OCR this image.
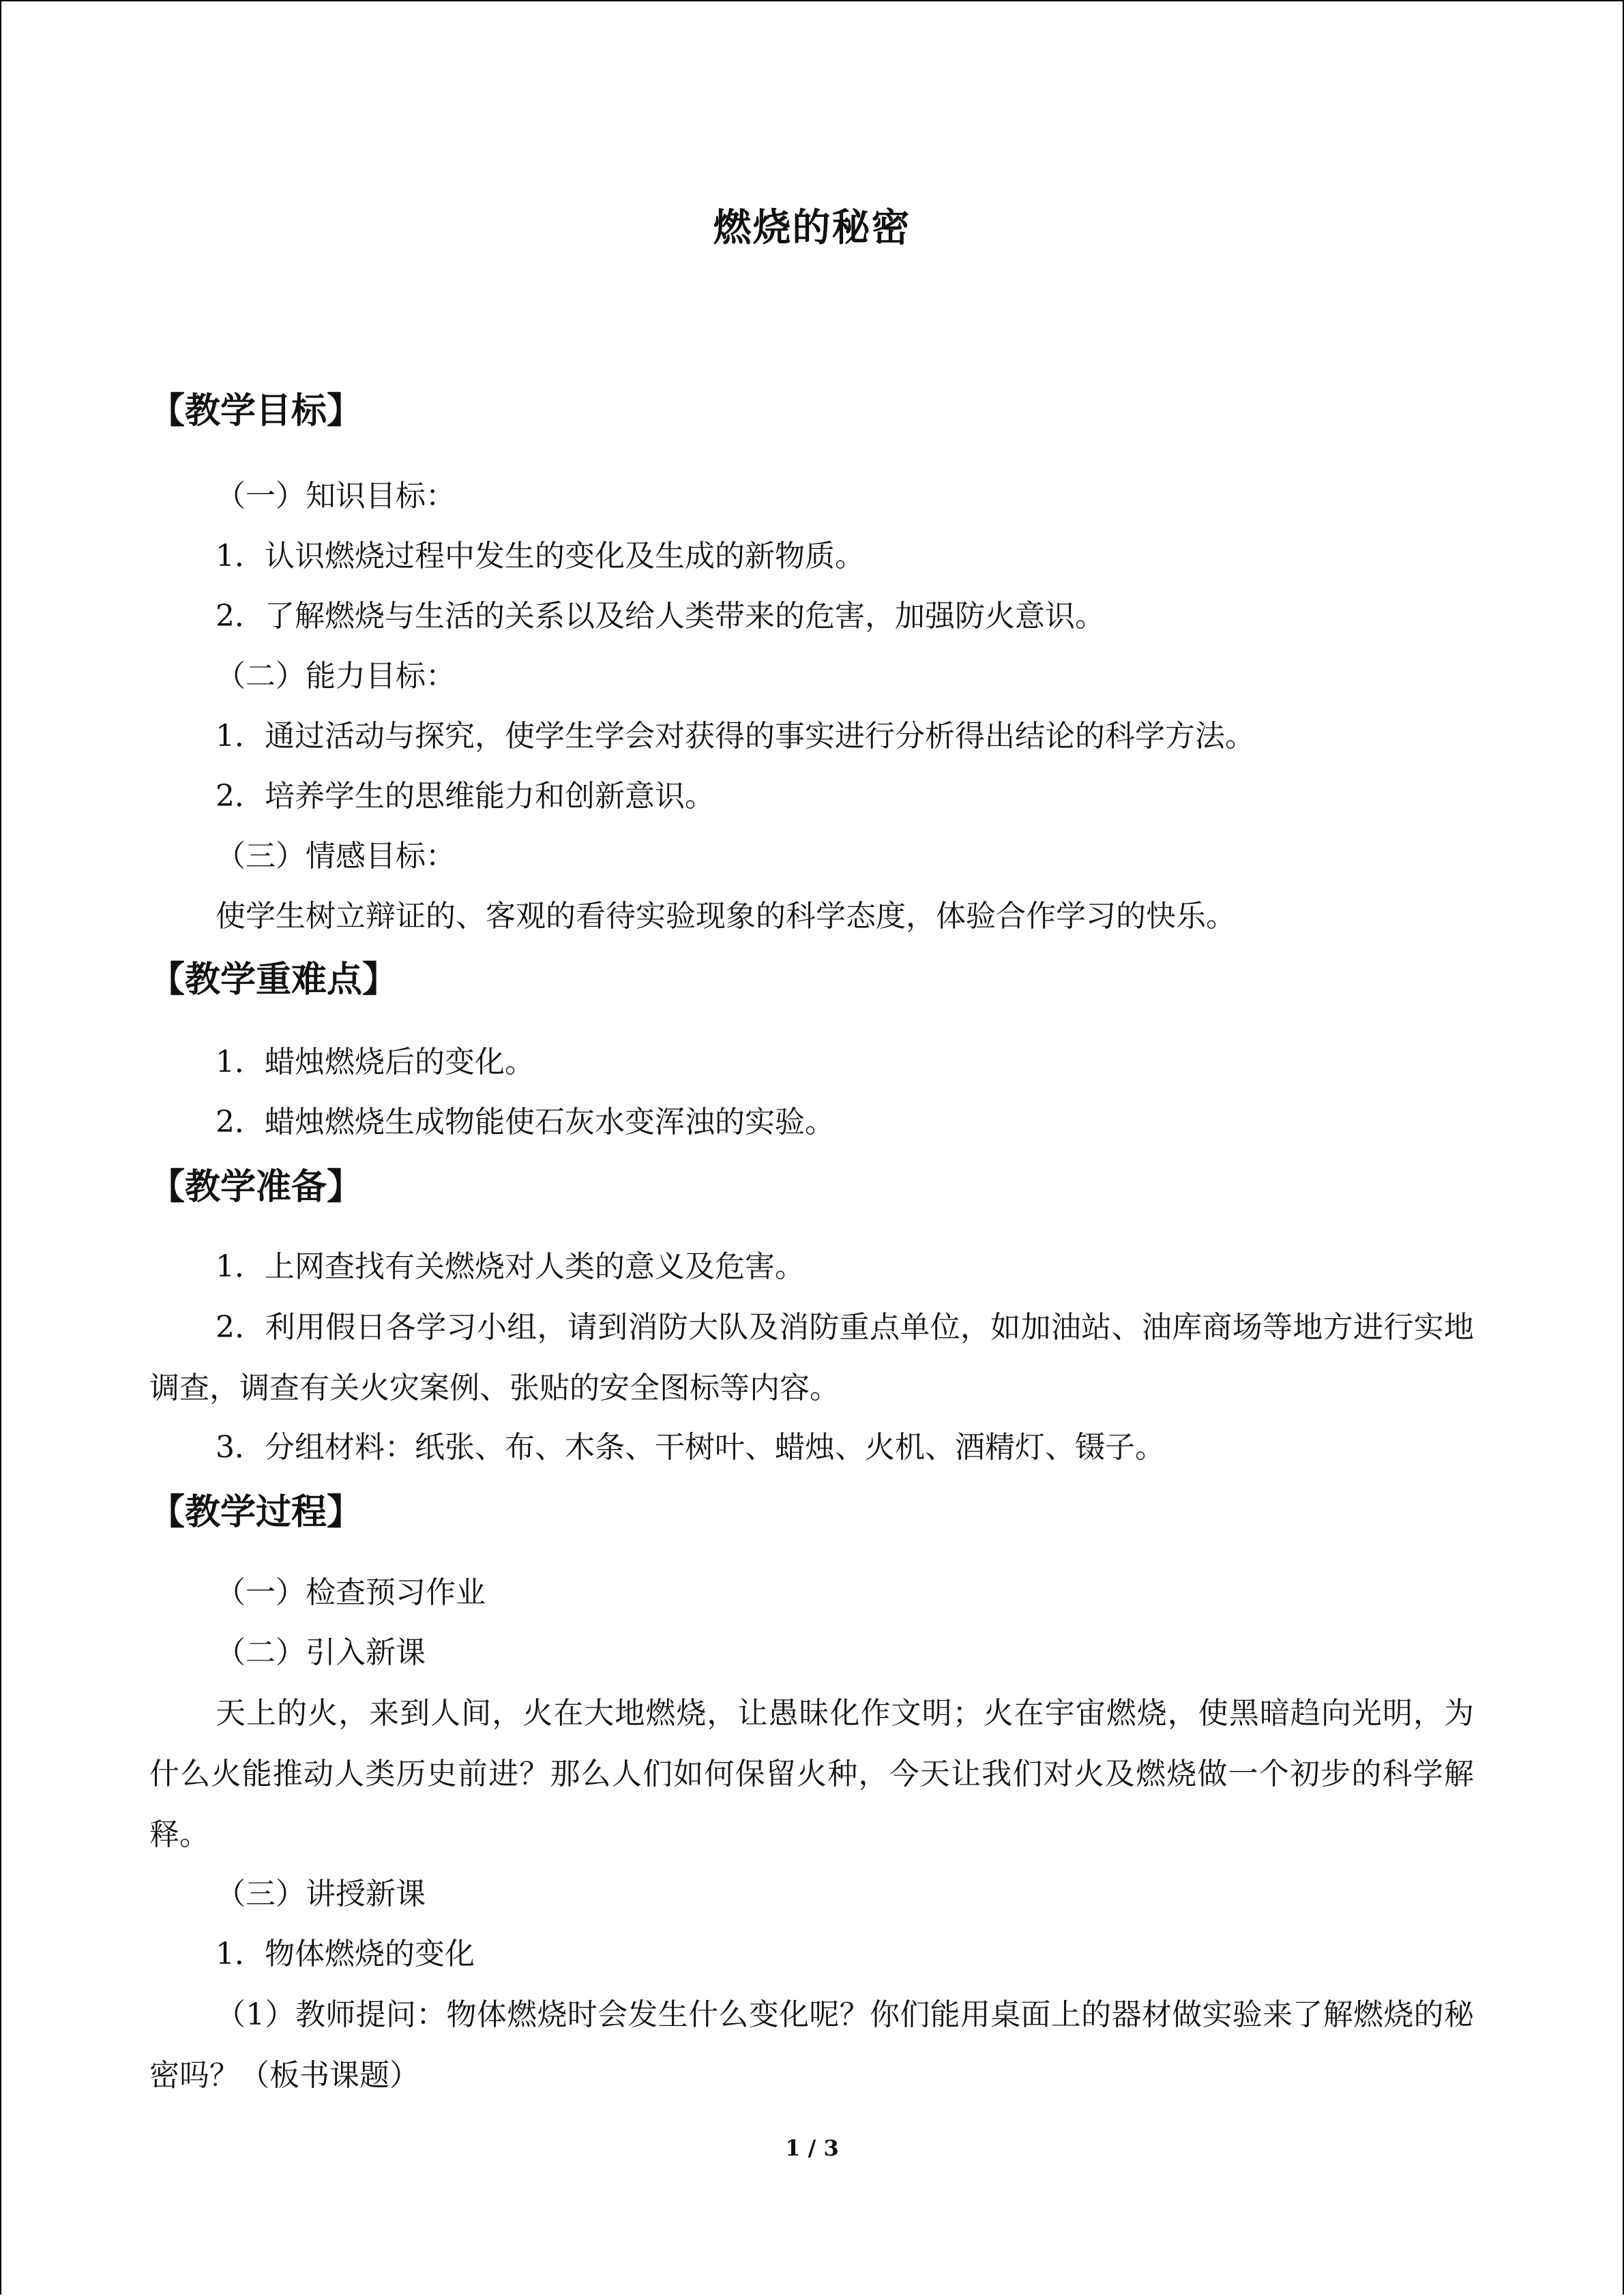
燃烧的秘密
【教学目标】
（一）知识目标：
1．认识燃烧过程中发生的变化及生成的新物质。
2．了解燃烧与生活的关系以及给人类带来的危害，加强防火意识。
（二）能力目标：
1．通过活动与探究，使学生学会对获得的事实进行分析得出结论的科学方法。
2．培养学生的思维能力和创新意识。
（三）情感目标：
使学生树立辩证的、客观的看待实验现象的科学态度，体验合作学习的快乐。
【教学重难点】
1．蜡烛燃烧后的变化。
2．蜡烛燃烧生成物能使石灰水变浑浊的实验。
【教学准备】
1．上网查找有关燃烧对人类的意义及危害。
2．利用假日各学习小组，请到消防大队及消防重点单位，如加油站、油库商场等地方进行实地调查，调查有关火灾案例、张贴的安全图标等内容。
3．分组材料：纸张、布、木条、干树叶、蜡烛、火机、酒精灯、镊子。
【教学过程】
（一）检查预习作业
（二）引入新课
天上的火，来到人间，火在大地燃烧，让愚昧化作文明；火在宇宙燃烧，使黑暗趋向光明，为什么火能推动人类历史前进？那么人们如何保留火种，今天让我们对火及燃烧做一个初步的科学解释。
（三）讲授新课
1．物体燃烧的变化
（1）教师提问：物体燃烧时会发生什么变化呢？你们能用桌面上的器材做实验来了解燃烧的秘密吗？（板书课题）
1 / 3
